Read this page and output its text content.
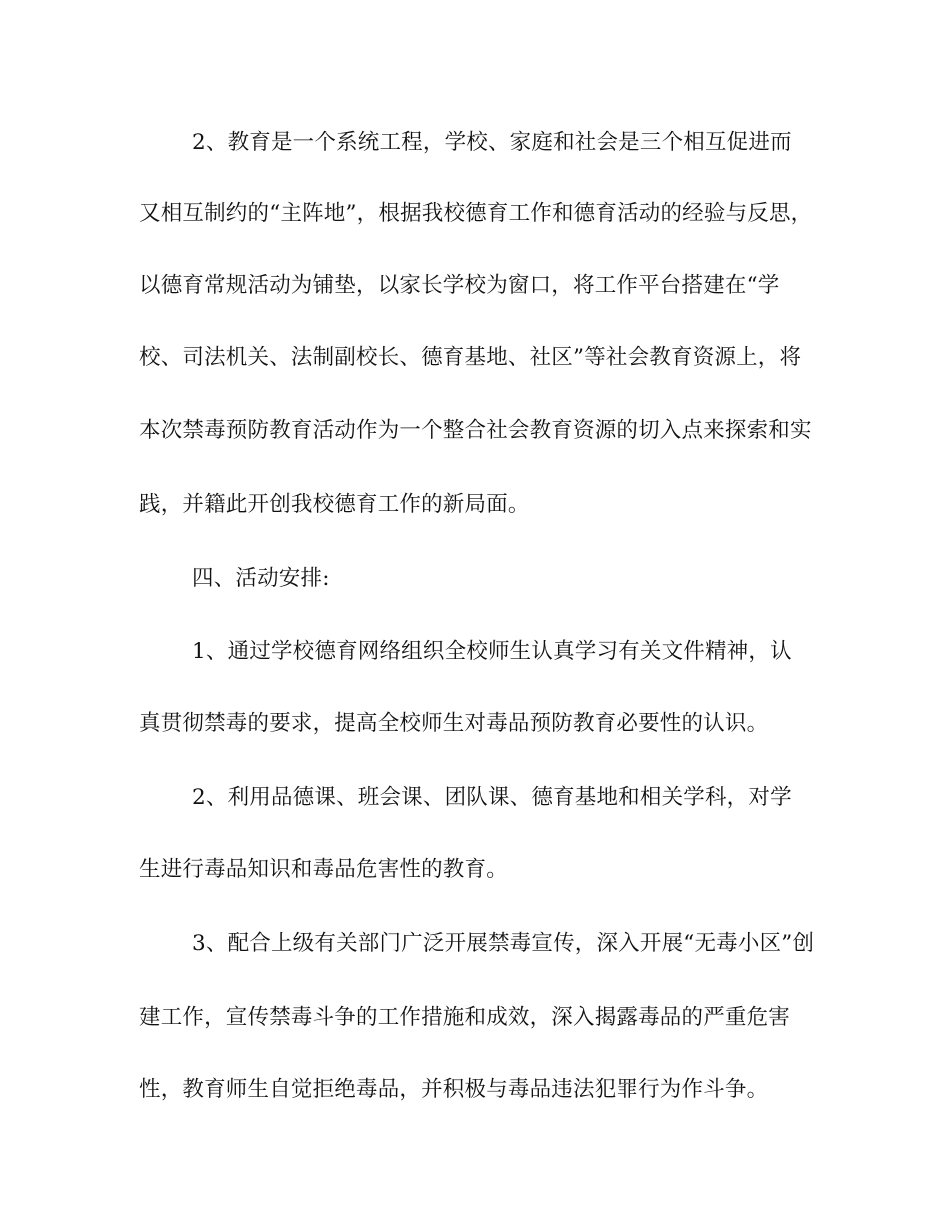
2、教育是一个系统工程，学校、家庭和社会是三个相互促进而
又相互制约的“主阵地”，根据我校德育工作和德育活动的经验与反思，
以德育常规活动为铺垫，以家长学校为窗口，将工作平台搭建在“学
校、司法机关、法制副校长、德育基地、社区”等社会教育资源上，将
本次禁毒预防教育活动作为一个整合社会教育资源的切入点来探索和实
践，并籍此开创我校德育工作的新局面。
四、活动安排:
1、通过学校德育网络组织全校师生认真学习有关文件精神，认
真贯彻禁毒的要求，提高全校师生对毒品预防教育必要性的认识。
2、利用品德课、班会课、团队课、德育基地和相关学科，对学
生进行毒品知识和毒品危害性的教育。
3、配合上级有关部门广泛开展禁毒宣传，深入开展“无毒小区”创
建工作，宣传禁毒斗争的工作措施和成效，深入揭露毒品的严重危害
性，教育师生自觉拒绝毒品，并积极与毒品违法犯罪行为作斗争。
